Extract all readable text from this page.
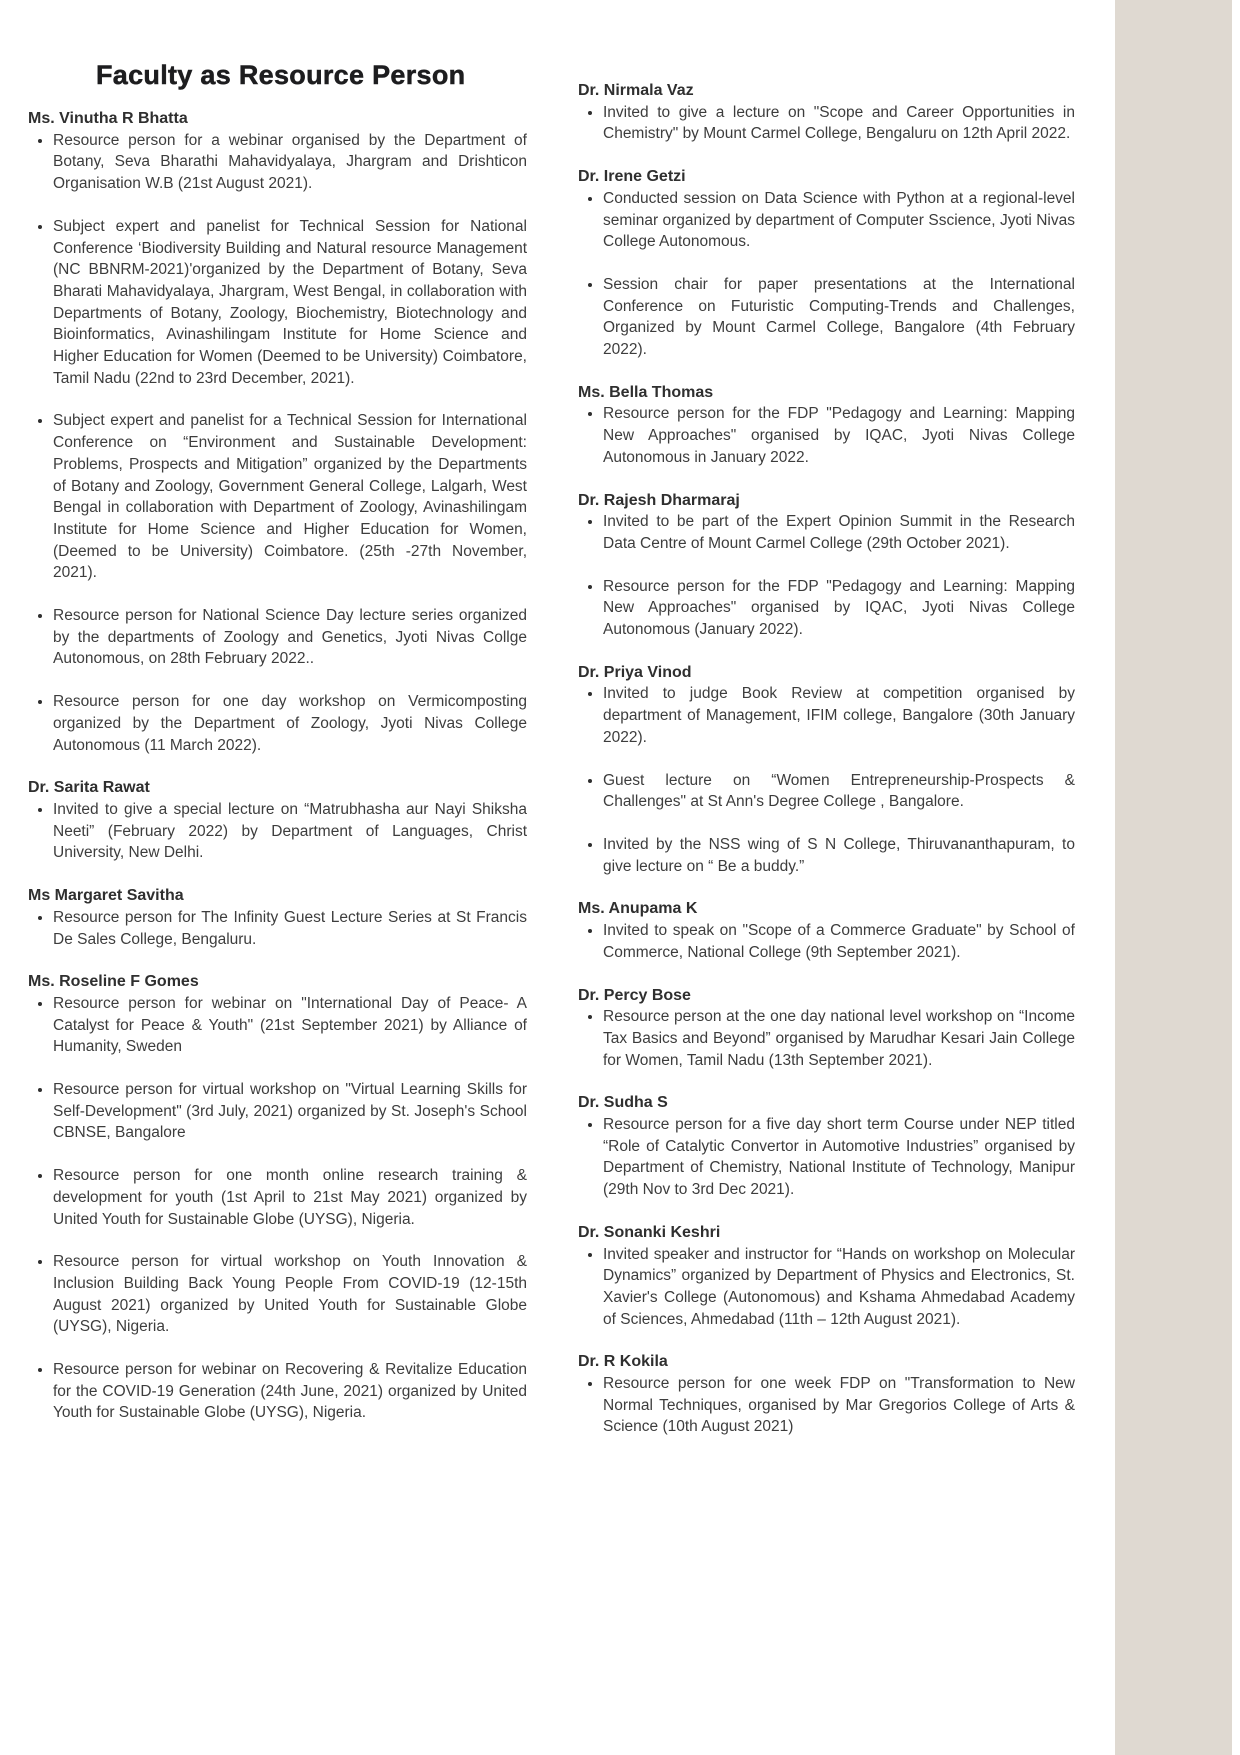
Faculty as Resource Person
Ms. Vinutha R Bhatta
• Resource person for a webinar organised by the Department of Botany, Seva Bharathi Mahavidyalaya, Jhargram and Drishticon Organisation W.B (21st August 2021).
• Subject expert and panelist for Technical Session for National Conference ‘Biodiversity Building and Natural resource Management (NC BBNRM-2021)'organized by the Department of Botany, Seva Bharati Mahavidyalaya, Jhargram, West Bengal, in collaboration with Departments of Botany, Zoology, Biochemistry, Biotechnology and Bioinformatics, Avinashilingam Institute for Home Science and Higher Education for Women (Deemed to be University) Coimbatore, Tamil Nadu (22nd to 23rd December, 2021).
• Subject expert and panelist for a Technical Session for International Conference on “Environment and Sustainable Development: Problems, Prospects and Mitigation” organized by the Departments of Botany and Zoology, Government General College, Lalgarh, West Bengal in collaboration with Department of Zoology, Avinashilingam Institute for Home Science and Higher Education for Women, (Deemed to be University) Coimbatore. (25th -27th November, 2021).
• Resource person for National Science Day lecture series organized by the departments of Zoology and Genetics, Jyoti Nivas Collge Autonomous, on 28th February 2022..
• Resource person for one day workshop on Vermicomposting organized by the Department of Zoology, Jyoti Nivas College Autonomous (11 March 2022).
Dr. Sarita Rawat
• Invited to give a special lecture on “Matrubhasha aur Nayi Shiksha Neeti” (February 2022) by Department of Languages, Christ University, New Delhi.
Ms Margaret Savitha
• Resource person for The Infinity Guest Lecture Series at St Francis De Sales College, Bengaluru.
Ms. Roseline F Gomes
• Resource person for webinar on "International Day of Peace- A Catalyst for Peace & Youth" (21st September 2021) by Alliance of Humanity, Sweden
• Resource person for virtual workshop on "Virtual Learning Skills for Self-Development" (3rd July, 2021) organized by St. Joseph's School CBNSE, Bangalore
• Resource person for one month online research training & development for youth (1st April to 21st May 2021) organized by United Youth for Sustainable Globe (UYSG), Nigeria.
• Resource person for virtual workshop on Youth Innovation & Inclusion Building Back Young People From COVID-19 (12-15th August 2021) organized by United Youth for Sustainable Globe (UYSG), Nigeria.
• Resource person for webinar on Recovering & Revitalize Education for the COVID-19 Generation (24th June, 2021) organized by United Youth for Sustainable Globe (UYSG), Nigeria.
Dr. Nirmala Vaz
• Invited to give a lecture on "Scope and Career Opportunities in Chemistry" by Mount Carmel College, Bengaluru on 12th April 2022.
Dr. Irene Getzi
• Conducted session on Data Science with Python at a regional-level seminar organized by department of Computer Sscience, Jyoti Nivas College Autonomous.
• Session chair for paper presentations at the International Conference on Futuristic Computing-Trends and Challenges, Organized by Mount Carmel College, Bangalore (4th February 2022).
Ms. Bella Thomas
• Resource person for the FDP "Pedagogy and Learning: Mapping New Approaches" organised by IQAC, Jyoti Nivas College Autonomous in January 2022.
Dr. Rajesh Dharmaraj
• Invited to be part of the Expert Opinion Summit in the Research Data Centre of Mount Carmel College (29th October 2021).
• Resource person for the FDP "Pedagogy and Learning: Mapping New Approaches" organised by IQAC, Jyoti Nivas College Autonomous (January 2022).
Dr. Priya Vinod
• Invited to judge Book Review at competition organised by department of Management, IFIM college, Bangalore (30th January 2022).
• Guest lecture on “Women Entrepreneurship-Prospects & Challenges" at St Ann's Degree College , Bangalore.
• Invited by the NSS wing of S N College, Thiruvananthapuram, to give lecture on “ Be a buddy.”
Ms. Anupama K
• Invited to speak on "Scope of a Commerce Graduate" by School of Commerce, National College (9th September 2021).
Dr. Percy Bose
• Resource person at the one day national level workshop on “Income Tax Basics and Beyond” organised by Marudhar Kesari Jain College for Women, Tamil Nadu (13th September 2021).
Dr. Sudha S
• Resource person for a five day short term Course under NEP titled “Role of Catalytic Convertor in Automotive Industries” organised by Department of Chemistry, National Institute of Technology, Manipur (29th Nov to 3rd Dec 2021).
Dr. Sonanki Keshri
• Invited speaker and instructor for “Hands on workshop on Molecular Dynamics” organized by Department of Physics and Electronics, St. Xavier's College (Autonomous) and Kshama Ahmedabad Academy of Sciences, Ahmedabad (11th – 12th August 2021).
Dr. R Kokila
• Resource person for one week FDP on "Transformation to New Normal Techniques, organised by Mar Gregorios College of Arts & Science (10th August 2021)
